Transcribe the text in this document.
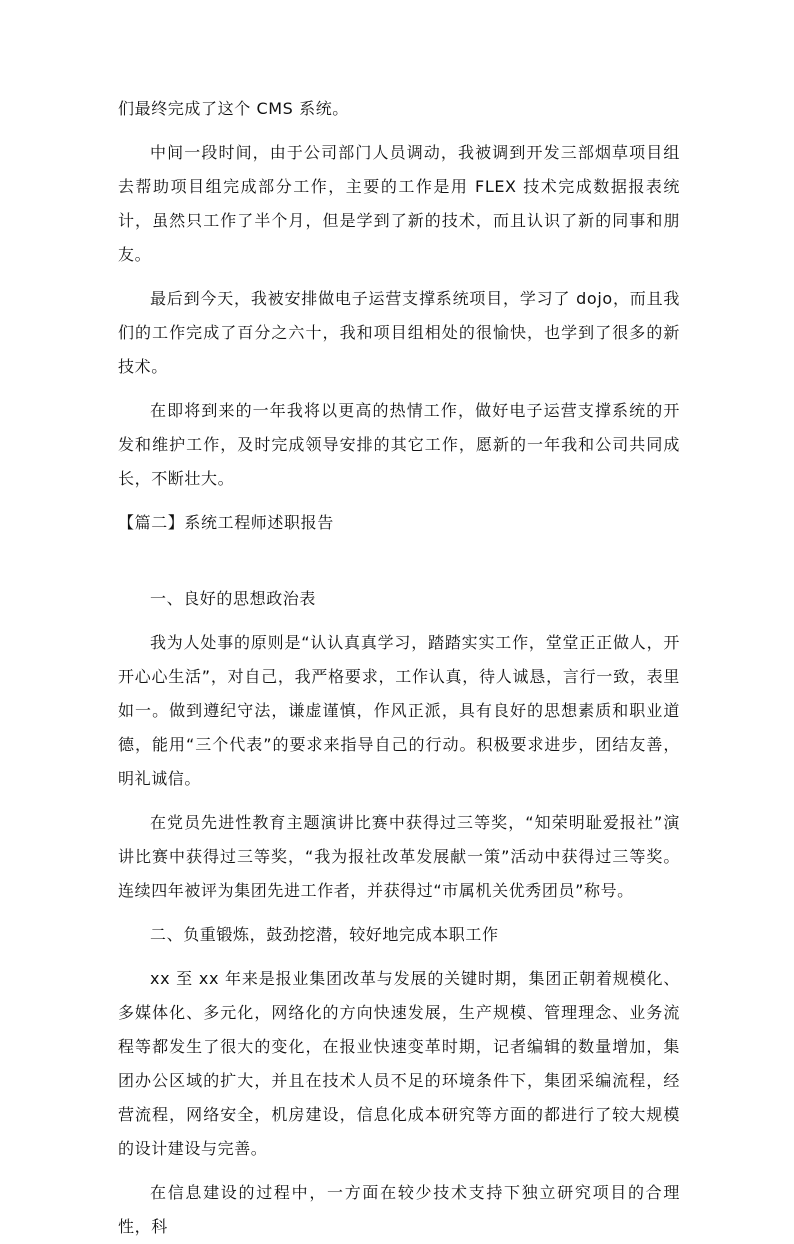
们最终完成了这个 CMS 系统。

中间一段时间，由于公司部门人员调动，我被调到开发三部烟草项目组去帮助项目组完成部分工作，主要的工作是用 FLEX 技术完成数据报表统计，虽然只工作了半个月，但是学到了新的技术，而且认识了新的同事和朋友。

最后到今天，我被安排做电子运营支撑系统项目，学习了 dojo，而且我们的工作完成了百分之六十，我和项目组相处的很愉快，也学到了很多的新技术。

在即将到来的一年我将以更高的热情工作，做好电子运营支撑系统的开发和维护工作，及时完成领导安排的其它工作，愿新的一年我和公司共同成长，不断壮大。

【篇二】系统工程师述职报告

一、良好的思想政治表

我为人处事的原则是“认认真真学习，踏踏实实工作，堂堂正正做人，开开心心生活”，对自己，我严格要求，工作认真，待人诚恳，言行一致，表里如一。做到遵纪守法，谦虚谨慎，作风正派，具有良好的思想素质和职业道德，能用“三个代表”的要求来指导自己的行动。积极要求进步，团结友善，明礼诚信。

在党员先进性教育主题演讲比赛中获得过三等奖，“知荣明耻爱报社”演讲比赛中获得过三等奖，“我为报社改革发展献一策”活动中获得过三等奖。连续四年被评为集团先进工作者，并获得过“市属机关优秀团员”称号。

二、负重锻炼，鼓劲挖潜，较好地完成本职工作

xx 至 xx 年来是报业集团改革与发展的关键时期，集团正朝着规模化、多媒体化、多元化，网络化的方向快速发展，生产规模、管理理念、业务流程等都发生了很大的变化，在报业快速变革时期，记者编辑的数量增加，集团办公区域的扩大，并且在技术人员不足的环境条件下，集团采编流程，经营流程，网络安全，机房建设，信息化成本研究等方面的都进行了较大规模的设计建设与完善。

在信息建设的过程中，一方面在较少技术支持下独立研究项目的合理性，科
